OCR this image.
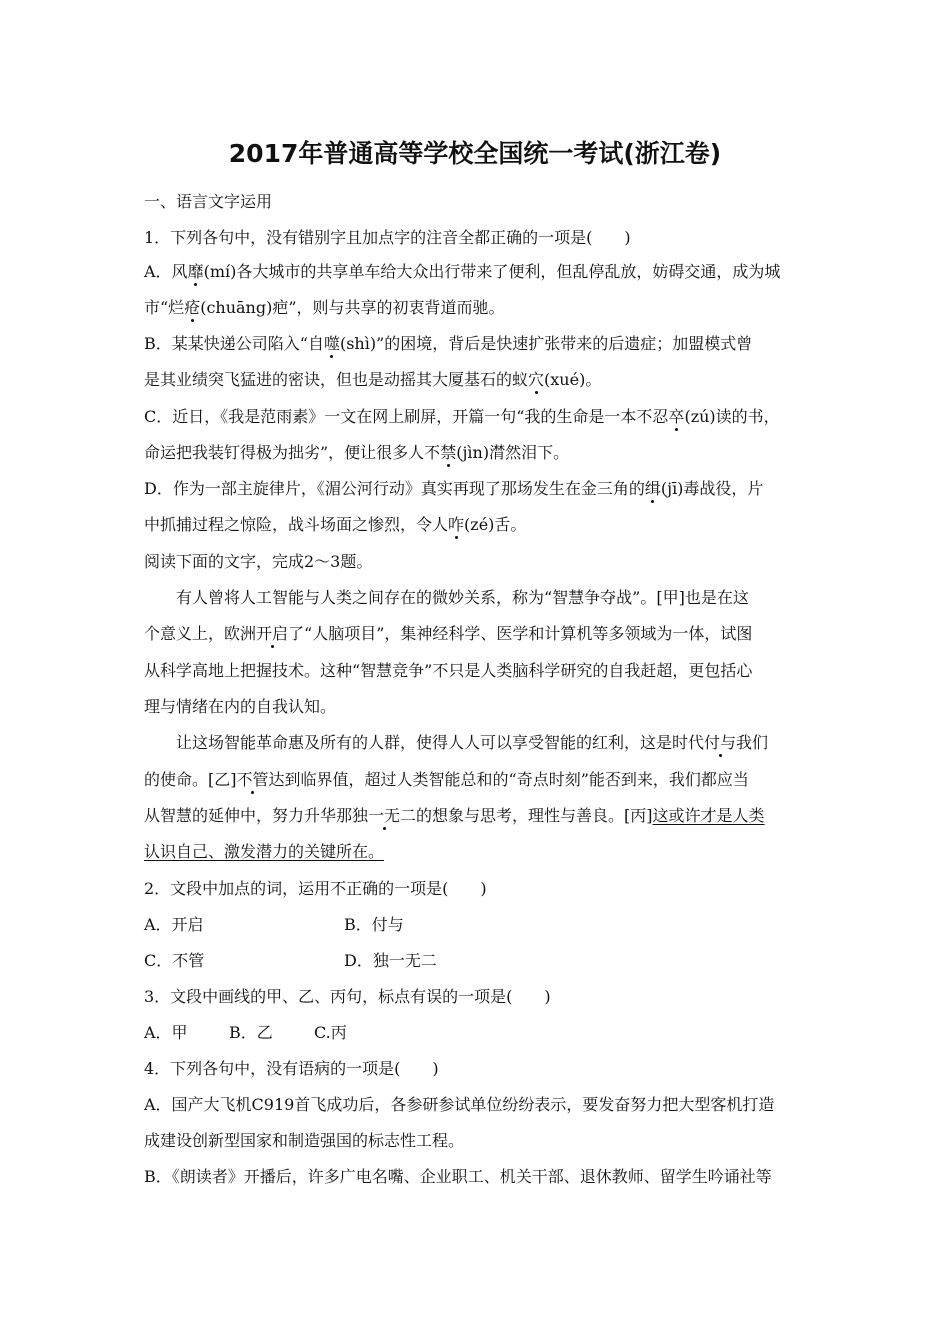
2017年普通高等学校全国统一考试(浙江卷)
一、语言文字运用
1．下列各句中，没有错别字且加点字的注音全都正确的一项是(　　)
A．风靡(mí)各大城市的共享单车给大众出行带来了便利，但乱停乱放，妨碍交通，成为城
市“烂疮(chuāng)疤”，则与共享的初衷背道而驰。
B．某某快递公司陷入“自噬(shì)”的困境，背后是快速扩张带来的后遗症；加盟模式曾
是其业绩突飞猛进的密诀，但也是动摇其大厦基石的蚁穴(xué)。
C．近日，《我是范雨素》一文在网上刷屏，开篇一句“我的生命是一本不忍卒(zú)读的书，
命运把我装钉得极为拙劣”，便让很多人不禁(jìn)潸然泪下。
D．作为一部主旋律片，《湄公河行动》真实再现了那场发生在金三角的缉(jī)毒战役，片
中抓捕过程之惊险，战斗场面之惨烈，令人咋(zé)舌。
阅读下面的文字，完成2～3题。
有人曾将人工智能与人类之间存在的微妙关系，称为“智慧争夺战”。[甲]也是在这
个意义上，欧洲开启了“人脑项目”，集神经科学、医学和计算机等多领域为一体，试图
从科学高地上把握技术。这种“智慧竞争”不只是人类脑科学研究的自我赶超，更包括心
理与情绪在内的自我认知。
让这场智能革命惠及所有的人群，使得人人可以享受智能的红利，这是时代付与我们
的使命。[乙]不管达到临界值，超过人类智能总和的“奇点时刻”能否到来，我们都应当
从智慧的延伸中，努力升华那独一无二的想象与思考，理性与善良。[丙]这或许才是人类
认识自己、激发潜力的关键所在。
2．文段中加点的词，运用不正确的一项是(　　)
A．开启	B．付与
C．不管	D．独一无二
3．文段中画线的甲、乙、丙句，标点有误的一项是(　　)
A．甲	B．乙	C.丙
4．下列各句中，没有语病的一项是(　　)
A．国产大飞机C919首飞成功后，各参研参试单位纷纷表示，要发奋努力把大型客机打造
成建设创新型国家和制造强国的标志性工程。
B．《朗读者》开播后，许多广电名嘴、企业职工、机关干部、退休教师、留学生吟诵社等
